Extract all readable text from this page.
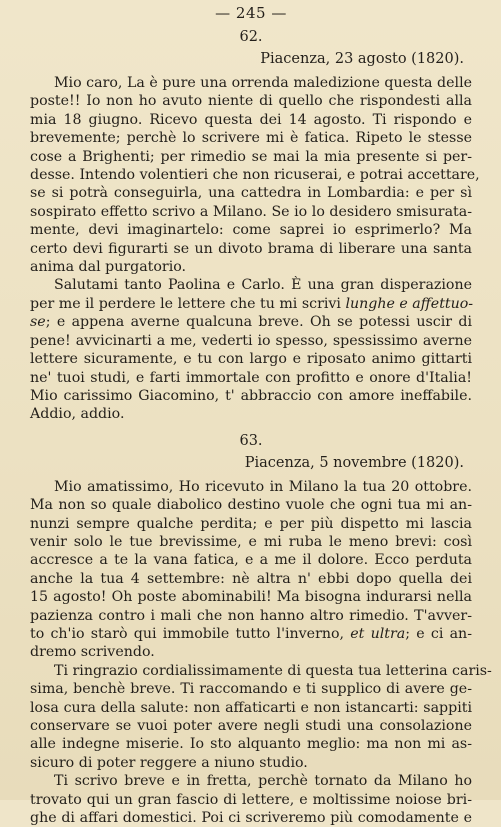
— 245 —
62.
Piacenza, 23 agosto (1820).

Mio caro, La è pure una orrenda maledizione questa delle
poste!! Io non ho avuto niente di quello che rispondesti alla
mia 18 giugno. Ricevo questa dei 14 agosto. Ti rispondo e
brevemente; perchè lo scrivere mi è fatica. Ripeto le stesse
cose a Brighenti; per rimedio se mai la mia presente si per-
desse. Intendo volentieri che non ricuserai, e potrai accettare,
se si potrà conseguirla, una cattedra in Lombardia: e per sì
sospirato effetto scrivo a Milano. Se io lo desidero smisurata-
mente, devi imaginartelo: come saprei io esprimerlo? Ma
certo devi figurarti se un divoto brama di liberare una santa
anima dal purgatorio.

Salutami tanto Paolina e Carlo. È una gran disperazione
per me il perdere le lettere che tu mi scrivi lunghe e affettuo-
se; e appena averne qualcuna breve. Oh se potessi uscir di
pene! avvicinarti a me, vederti io spesso, spessissimo averne
lettere sicuramente, e tu con largo e riposato animo gittarti
ne' tuoi studi, e farti immortale con profitto e onore d'Italia!
Mio carissimo Giacomino, t' abbraccio con amore ineffabile.
Addio, addio.

63.
Piacenza, 5 novembre (1820).

Mio amatissimo, Ho ricevuto in Milano la tua 20 ottobre.
Ma non so quale diabolico destino vuole che ogni tua mi an-
nunzi sempre qualche perdita; e per più dispetto mi lascia
venir solo le tue brevissime, e mi ruba le meno brevi: così
accresce a te la vana fatica, e a me il dolore. Ecco perduta
anche la tua 4 settembre: nè altra n' ebbi dopo quella dei
15 agosto! Oh poste abominabili! Ma bisogna indurarsi nella
pazienza contro i mali che non hanno altro rimedio. T'avver-
to ch'io starò qui immobile tutto l'inverno, et ultra; e ci an-
dremo scrivendo.

Ti ringrazio cordialissimamente di questa tua letterina caris-
sima, benchè breve. Ti raccomando e ti supplico di avere ge-
losa cura della salute: non affaticarti e non istancarti: sappiti
conservare se vuoi poter avere negli studi una consolazione
alle indegne miserie. Io sto alquanto meglio: ma non mi as-
sicuro di poter reggere a niuno studio.

Ti scrivo breve e in fretta, perchè tornato da Milano ho
trovato qui un gran fascio di lettere, e moltissime noiose bri-
ghe di affari domestici. Poi ci scriveremo più comodamente e
